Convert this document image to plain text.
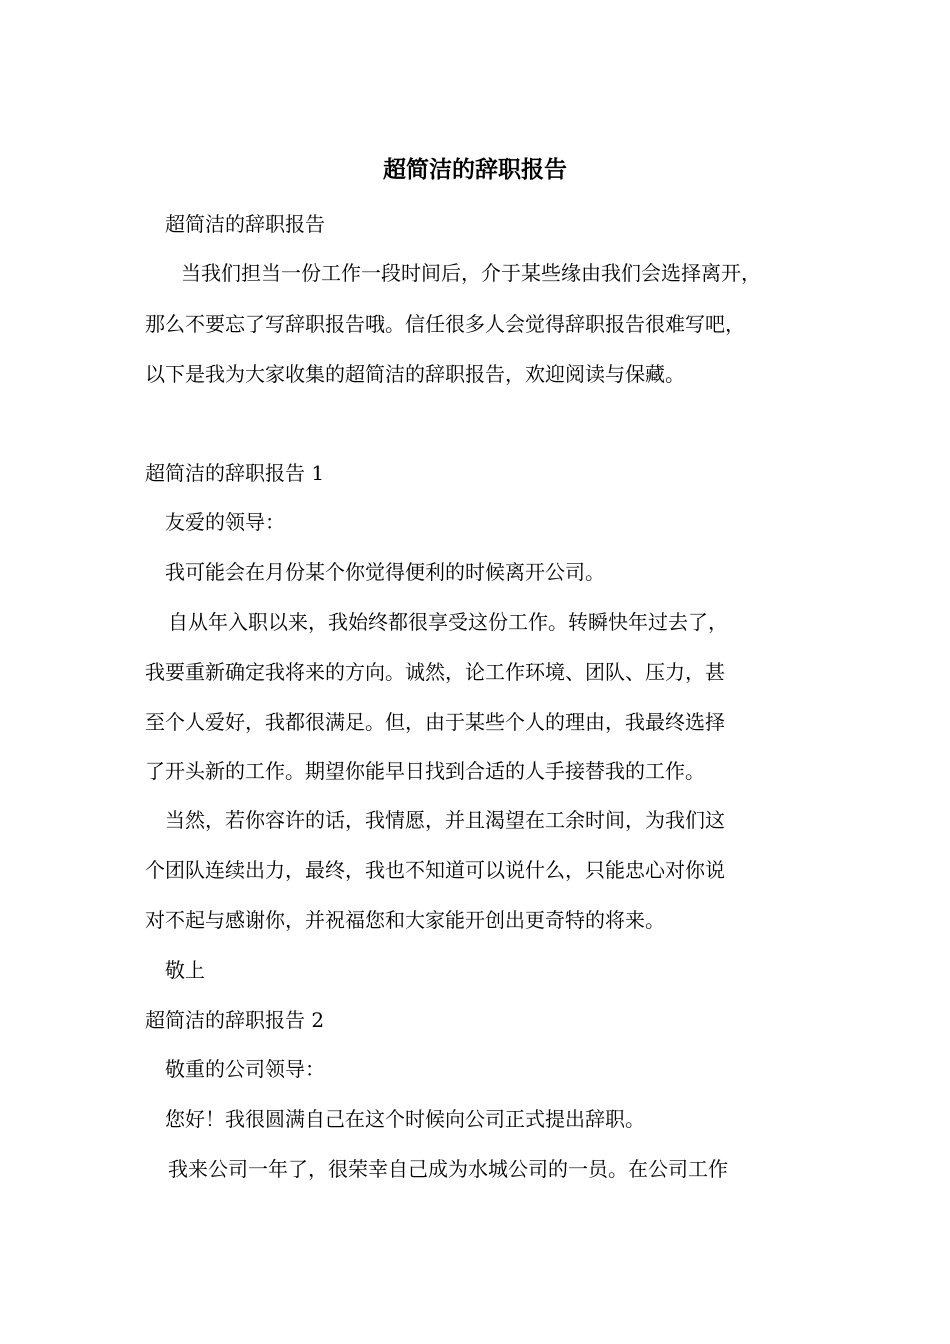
超简洁的辞职报告
超简洁的辞职报告
当我们担当一份工作一段时间后，介于某些缘由我们会选择离开，
那么不要忘了写辞职报告哦。信任很多人会觉得辞职报告很难写吧，
以下是我为大家收集的超简洁的辞职报告，欢迎阅读与保藏。
超简洁的辞职报告 1
友爱的领导：
我可能会在月份某个你觉得便利的时候离开公司。
自从年入职以来，我始终都很享受这份工作。转瞬快年过去了，
我要重新确定我将来的方向。诚然，论工作环境、团队、压力，甚
至个人爱好，我都很满足。但，由于某些个人的理由，我最终选择
了开头新的工作。期望你能早日找到合适的人手接替我的工作。
当然，若你容许的话，我情愿，并且渴望在工余时间，为我们这
个团队连续出力，最终，我也不知道可以说什么，只能忠心对你说
对不起与感谢你，并祝福您和大家能开创出更奇特的将来。
敬上
超简洁的辞职报告 2
敬重的公司领导：
您好！我很圆满自己在这个时候向公司正式提出辞职。
我来公司一年了，很荣幸自己成为水城公司的一员。在公司工作
